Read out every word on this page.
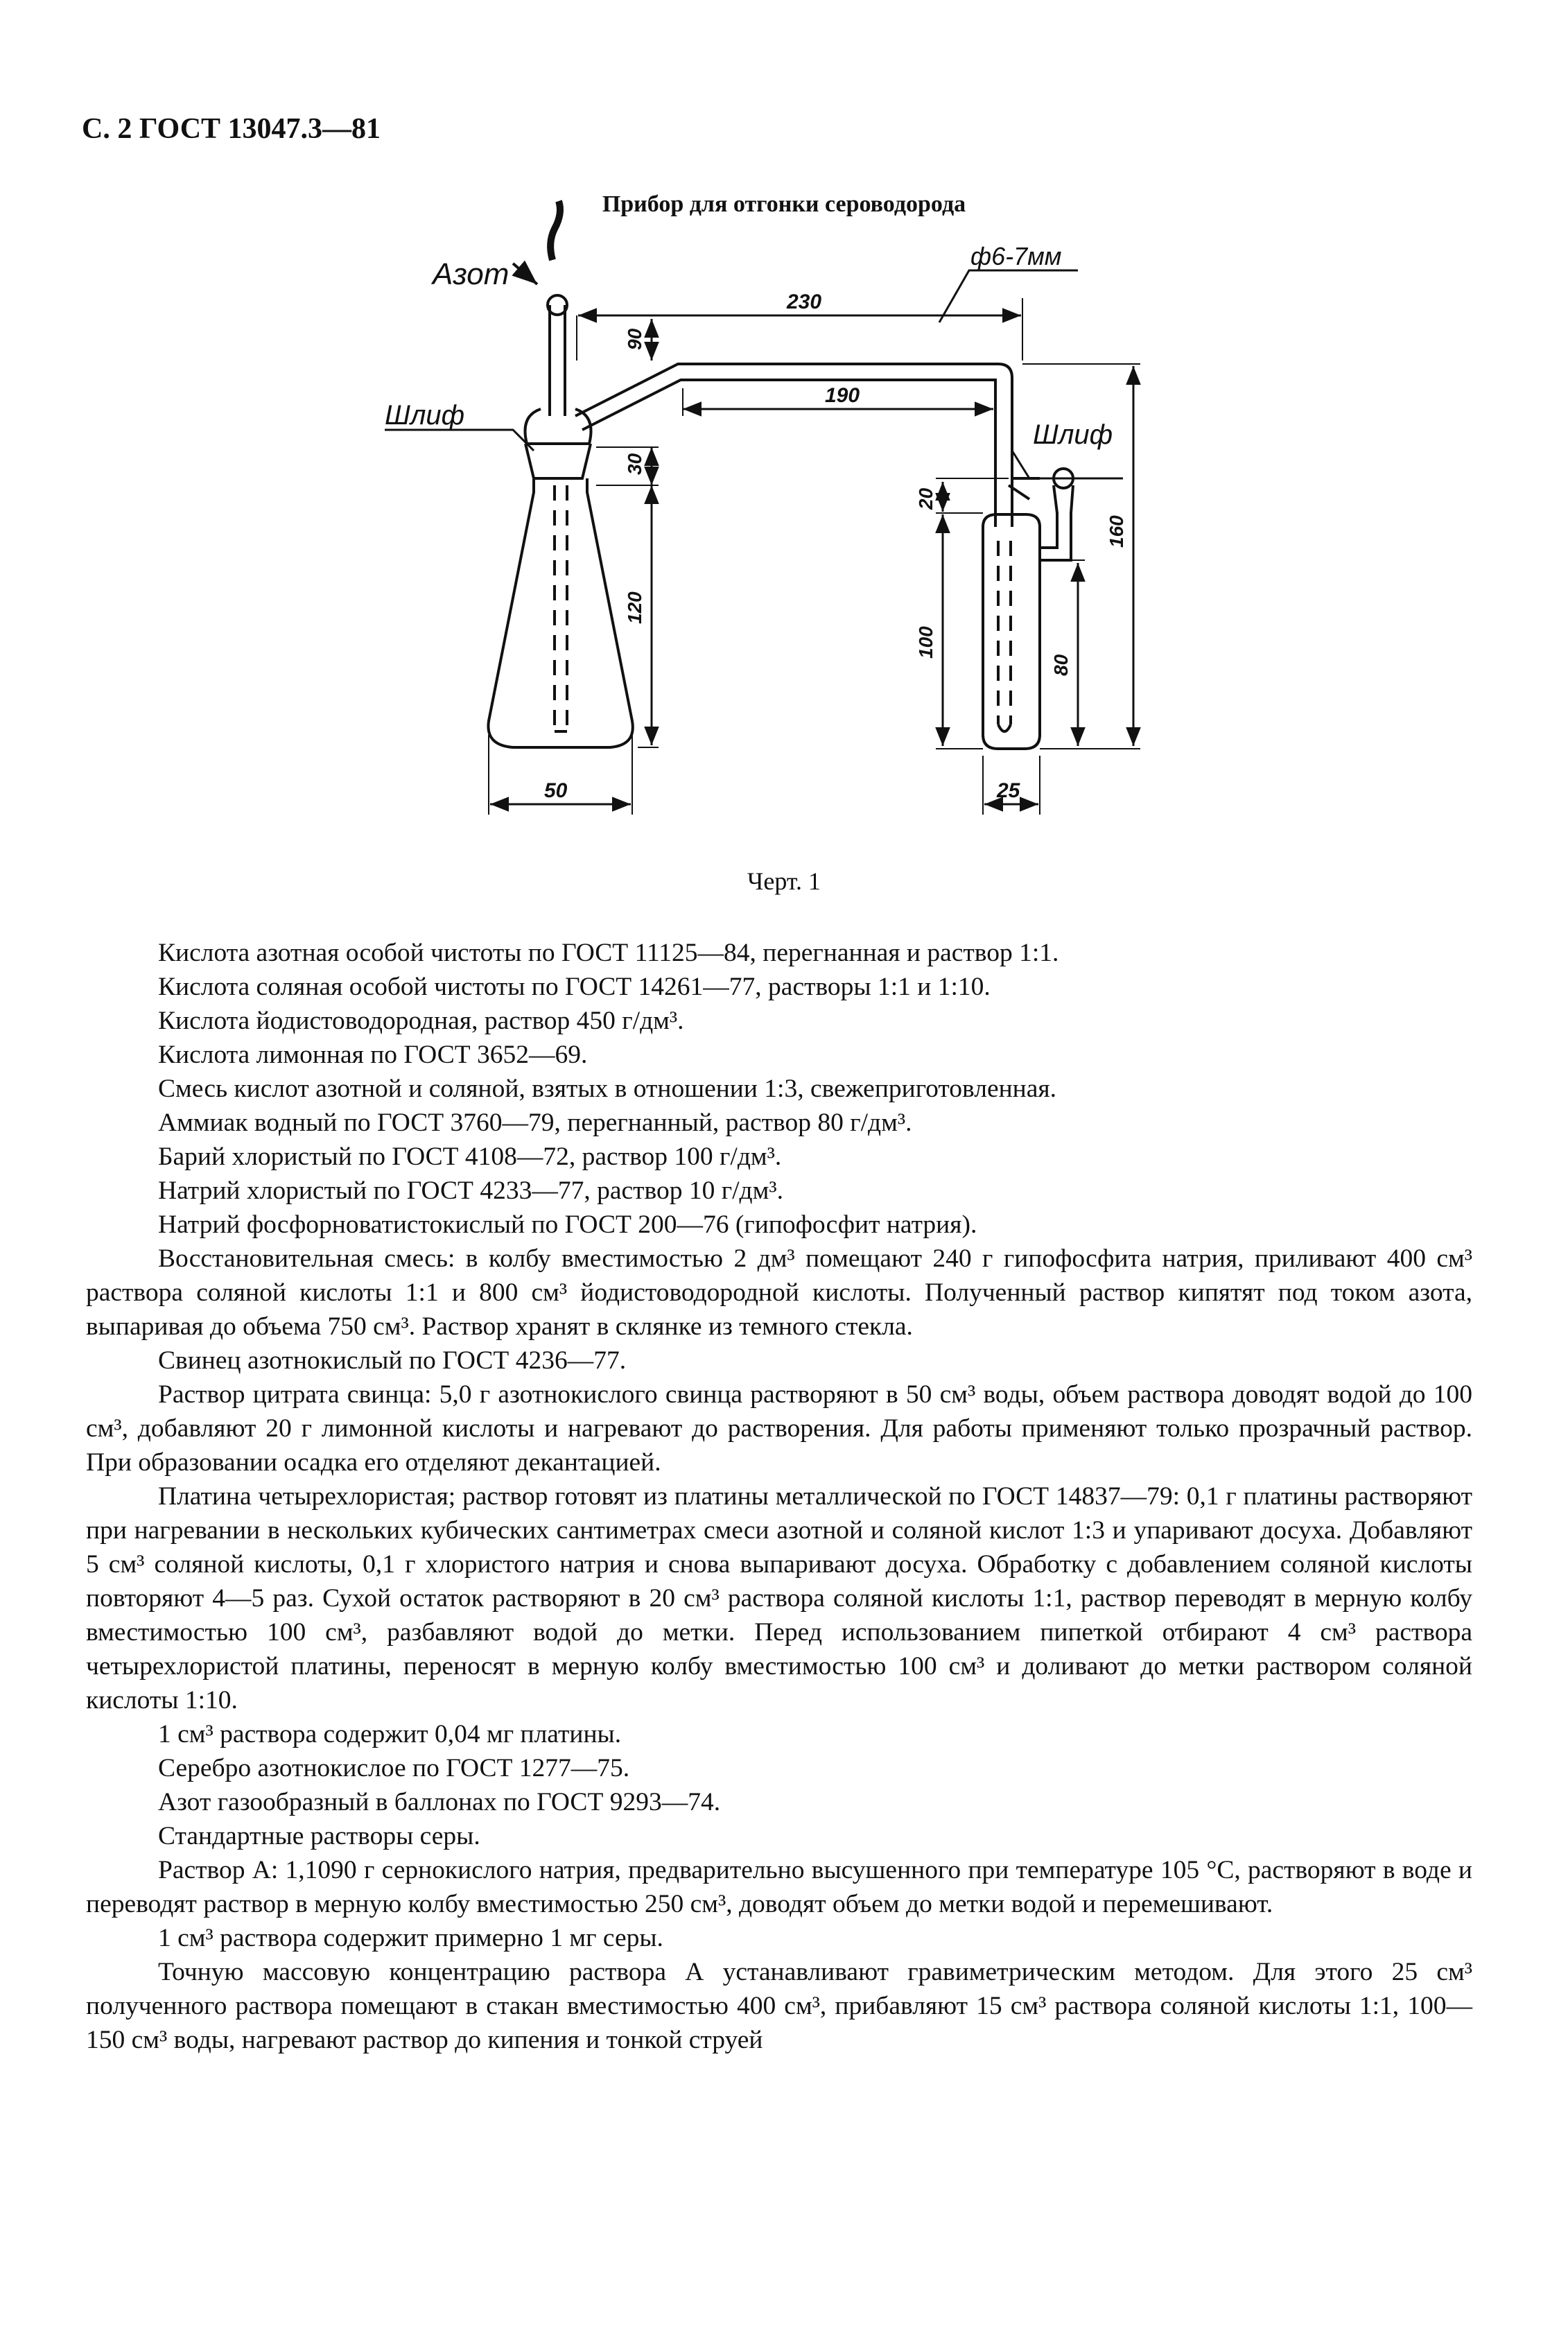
С. 2 ГОСТ 13047.3—81
Прибор для отгонки сероводорода
Азот
ф6-7мм
Шлиф
Шлиф
230
190
90
30
120
50
20
100
80
160
25
Черт. 1

Кислота азотная особой чистоты по ГОСТ 11125—84, перегнанная и раствор 1:1.

Кислота соляная особой чистоты по ГОСТ 14261—77, растворы 1:1 и 1:10.

Кислота йодистоводородная, раствор 450 г/дм³.

Кислота лимонная по ГОСТ 3652—69.

Смесь кислот азотной и соляной, взятых в отношении 1:3, свежеприготовленная.

Аммиак водный по ГОСТ 3760—79, перегнанный, раствор 80 г/дм³.

Барий хлористый по ГОСТ 4108—72, раствор 100 г/дм³.

Натрий хлористый по ГОСТ 4233—77, раствор 10 г/дм³.

Натрий фосфорноватистокислый по ГОСТ 200—76 (гипофосфит натрия).

Восстановительная смесь: в колбу вместимостью 2 дм³ помещают 240 г гипофосфита натрия, приливают 400 см³ раствора соляной кислоты 1:1 и 800 см³ йодистоводородной кислоты. Полученный раствор кипятят под током азота, выпаривая до объема 750 см³. Раствор хранят в склянке из темного стекла.

Свинец азотнокислый по ГОСТ 4236—77.

Раствор цитрата свинца: 5,0 г азотнокислого свинца растворяют в 50 см³ воды, объем раствора доводят водой до 100 см³, добавляют 20 г лимонной кислоты и нагревают до растворения. Для работы применяют только прозрачный раствор. При образовании осадка его отделяют декантацией.

Платина четырехлористая; раствор готовят из платины металлической по ГОСТ 14837—79: 0,1 г платины растворяют при нагревании в нескольких кубических сантиметрах смеси азотной и соляной кислот 1:3 и упаривают досуха. Добавляют 5 см³ соляной кислоты, 0,1 г хлористого натрия и снова выпаривают досуха. Обработку с добавлением соляной кислоты повторяют 4—5 раз. Сухой остаток растворяют в 20 см³ раствора соляной кислоты 1:1, раствор переводят в мерную колбу вместимостью 100 см³, разбавляют водой до метки. Перед использованием пипеткой отбирают 4 см³ раствора четырехлористой платины, переносят в мерную колбу вместимостью 100 см³ и доливают до метки раствором соляной кислоты 1:10.

1 см³ раствора содержит 0,04 мг платины.

Серебро азотнокислое по ГОСТ 1277—75.

Азот газообразный в баллонах по ГОСТ 9293—74.

Стандартные растворы серы.

Раствор А: 1,1090 г сернокислого натрия, предварительно высушенного при температуре 105 °С, растворяют в воде и переводят раствор в мерную колбу вместимостью 250 см³, доводят объем до метки водой и перемешивают.

1 см³ раствора содержит примерно 1 мг серы.

Точную массовую концентрацию раствора А устанавливают гравиметрическим методом. Для этого 25 см³ полученного раствора помещают в стакан вместимостью 400 см³, прибавляют 15 см³ раствора соляной кислоты 1:1, 100—150 см³ воды, нагревают раствор до кипения и тонкой струей
